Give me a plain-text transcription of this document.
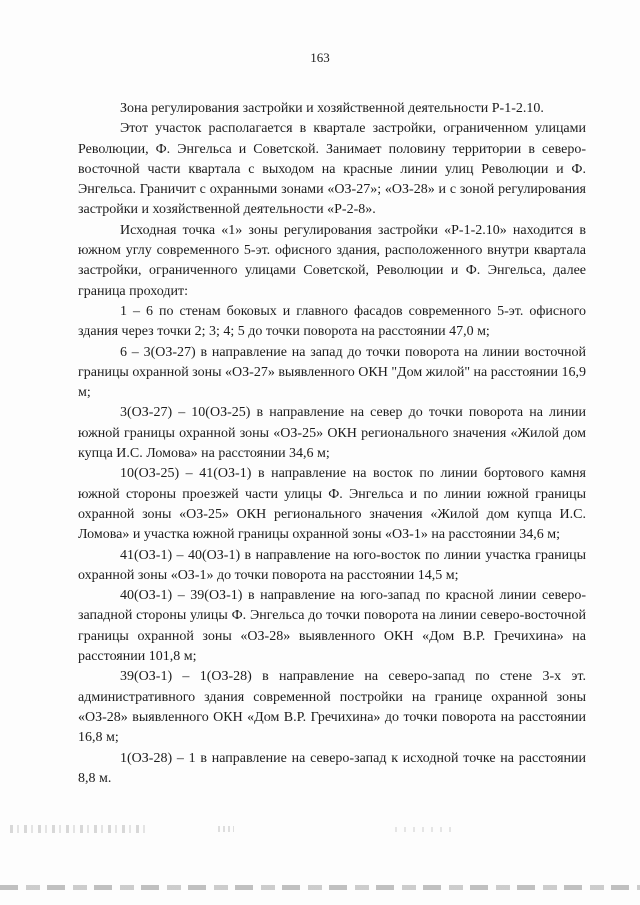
163

Зона регулирования застройки и хозяйственной деятельности Р-1-2.10.

Этот участок располагается в квартале застройки, ограниченном улицами Революции, Ф. Энгельса и Советской. Занимает половину территории в северо-восточной части квартала с выходом на красные линии улиц Революции и Ф. Энгельса. Граничит с охранными зонами «ОЗ-27»; «ОЗ-28» и с зоной регулирования застройки и хозяйственной деятельности «Р-2-8».

Исходная точка «1» зоны регулирования застройки «Р-1-2.10» находится в южном углу современного 5-эт. офисного здания, расположенного внутри квартала застройки, ограниченного улицами Советской, Революции и Ф. Энгельса, далее граница проходит:

1 – 6 по стенам боковых и главного фасадов современного 5-эт. офисного здания через точки 2; 3; 4; 5 до точки поворота на расстоянии 47,0 м;

6 – 3(ОЗ-27) в направление на запад до точки поворота на линии восточной границы охранной зоны «ОЗ-27» выявленного ОКН "Дом жилой" на расстоянии 16,9 м;

3(ОЗ-27) – 10(ОЗ-25) в направление на север до точки поворота на линии южной границы охранной зоны «ОЗ-25» ОКН регионального значения «Жилой дом купца И.С. Ломова» на расстоянии 34,6 м;

10(ОЗ-25) – 41(ОЗ-1) в направление на восток по линии бортового камня южной стороны проезжей части улицы Ф. Энгельса и по линии южной границы охранной зоны «ОЗ-25» ОКН регионального значения «Жилой дом купца И.С. Ломова» и участка южной границы охранной зоны «ОЗ-1» на расстоянии 34,6 м;

41(ОЗ-1) – 40(ОЗ-1) в направление на юго-восток по линии участка границы охранной зоны «ОЗ-1» до точки поворота на расстоянии 14,5 м;

40(ОЗ-1) – 39(ОЗ-1) в направление на юго-запад по красной линии северо-западной стороны улицы Ф. Энгельса до точки поворота на линии северо-восточной границы охранной зоны «ОЗ-28» выявленного ОКН «Дом В.Р. Гречихина» на расстоянии 101,8 м;

39(ОЗ-1) – 1(ОЗ-28) в направление на северо-запад по стене 3-х эт. административного здания современной постройки на границе охранной зоны «ОЗ-28» выявленного ОКН «Дом В.Р. Гречихина» до точки поворота на расстоянии 16,8 м;

1(ОЗ-28) – 1 в направление на северо-запад к исходной точке на расстоянии 8,8 м.
